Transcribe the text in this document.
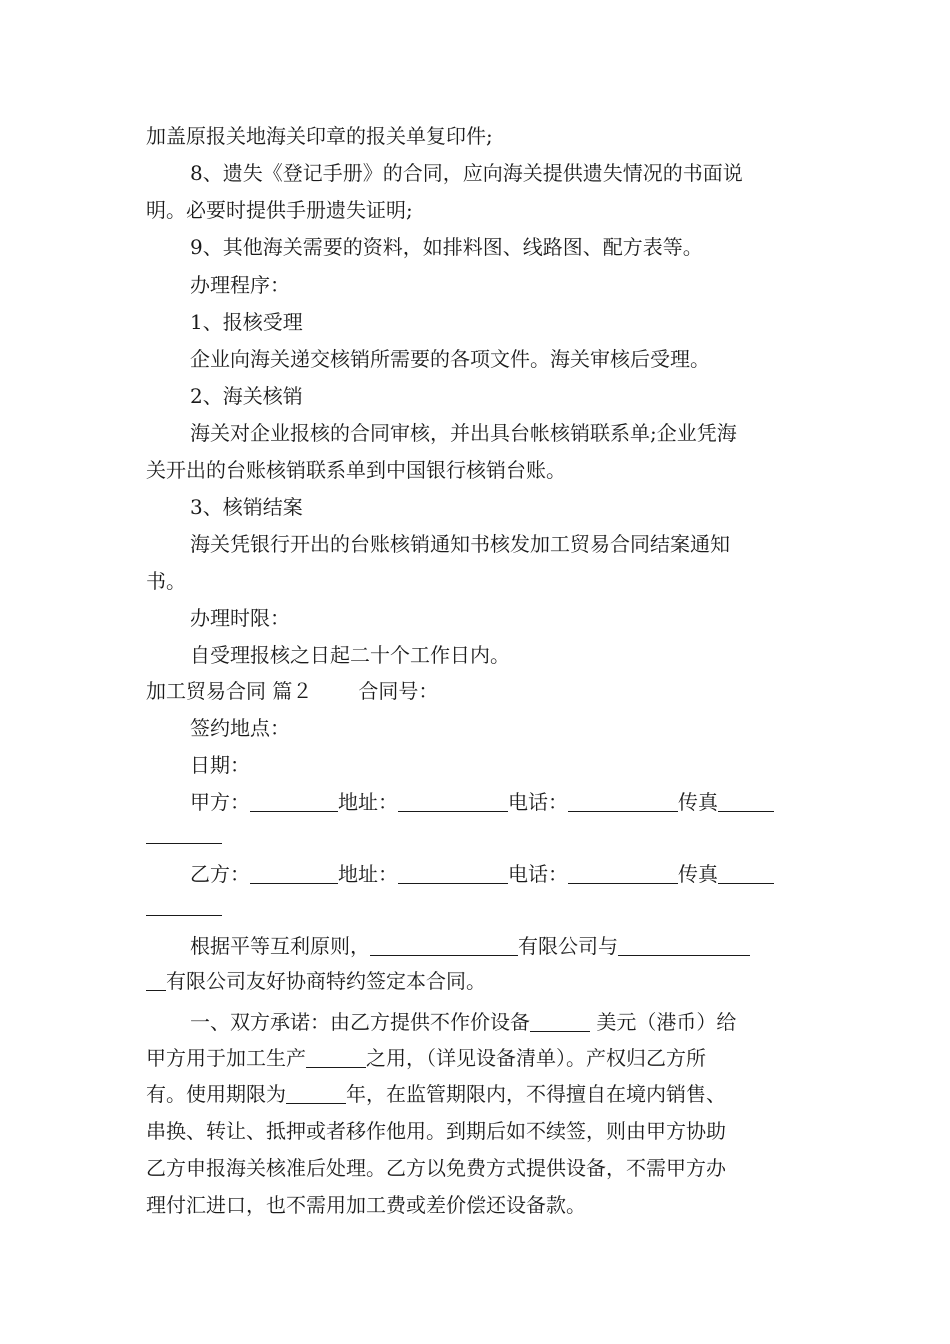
加盖原报关地海关印章的报关单复印件;
8、遗失《登记手册》的合同，应向海关提供遗失情况的书面说
明。必要时提供手册遗失证明;
9、其他海关需要的资料，如排料图、线路图、配方表等。
办理程序：
1、报核受理
企业向海关递交核销所需要的各项文件。海关审核后受理。
2、海关核销
海关对企业报核的合同审核，并出具台帐核销联系单;企业凭海
关开出的台账核销联系单到中国银行核销台账。
3、核销结案
海关凭银行开出的台账核销通知书核发加工贸易合同结案通知
书。
办理时限：
自受理报核之日起二十个工作日内。
加工贸易合同 篇２ 合同号：
签约地点：
日期：
甲方：	地址：	电话：	传真
乙方：	地址：	电话：	传真
根据平等互利原则，	有限公司与
有限公司友好协商特约签定本合同。
一、双方承诺：由乙方提供不作价设备	美元（港币）给
甲方用于加工生产	之用，（详见设备清单）。产权归乙方所
有。使用期限为	年，在监管期限内，不得擅自在境内销售、
串换、转让、抵押或者移作他用。到期后如不续签，则由甲方协助
乙方申报海关核准后处理。乙方以免费方式提供设备，不需甲方办
理付汇进口，也不需用加工费或差价偿还设备款。
